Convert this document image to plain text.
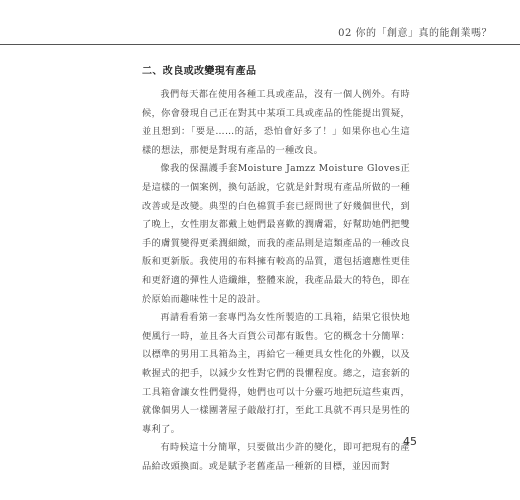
02 你的「創意」真的能創業嗎？
二、改良或改變現有產品

我們每天都在使用各種工具或產品，沒有一個人例外。有時候，你會發現自己正在對其中某項工具或產品的性能提出質疑，並且想到：「要是……的話，恐怕會好多了！」如果你也心生這樣的想法，那便是對現有產品的一種改良。

像我的保濕護手套Moisture Jamzz Moisture Gloves正是這樣的一個案例，換句話說，它就是針對現有產品所做的一種改善或是改變。典型的白色棉質手套已經問世了好幾個世代，到了晚上，女性朋友都戴上她們最喜歡的潤膚霜，好幫助她們把雙手的膚質變得更柔潤細緻，而我的產品則是這類產品的一種改良版和更新版。我使用的布料擁有較高的品質，還包括適應性更佳和更舒適的彈性人造纖維，整體來說，我產品最大的特色，即在於原始而趣味性十足的設計。

再請看看第一套專門為女性所製造的工具箱，結果它很快地便風行一時，並且各大百貨公司都有販售。它的概念十分簡單：以標準的男用工具箱為主，再給它一種更具女性化的外觀，以及軟握式的把手，以減少女性對它們的畏懼程度。總之，這套新的工具箱會讓女性們覺得，她們也可以十分靈巧地把玩這些東西，就像個男人一樣團著屋子敲敲打打，至此工具就不再只是男性的專利了。

有時候這十分簡單，只要做出少許的變化，即可把現有的產品給改頭換面。或是賦予老舊產品一種新的目標，並因而對

45
